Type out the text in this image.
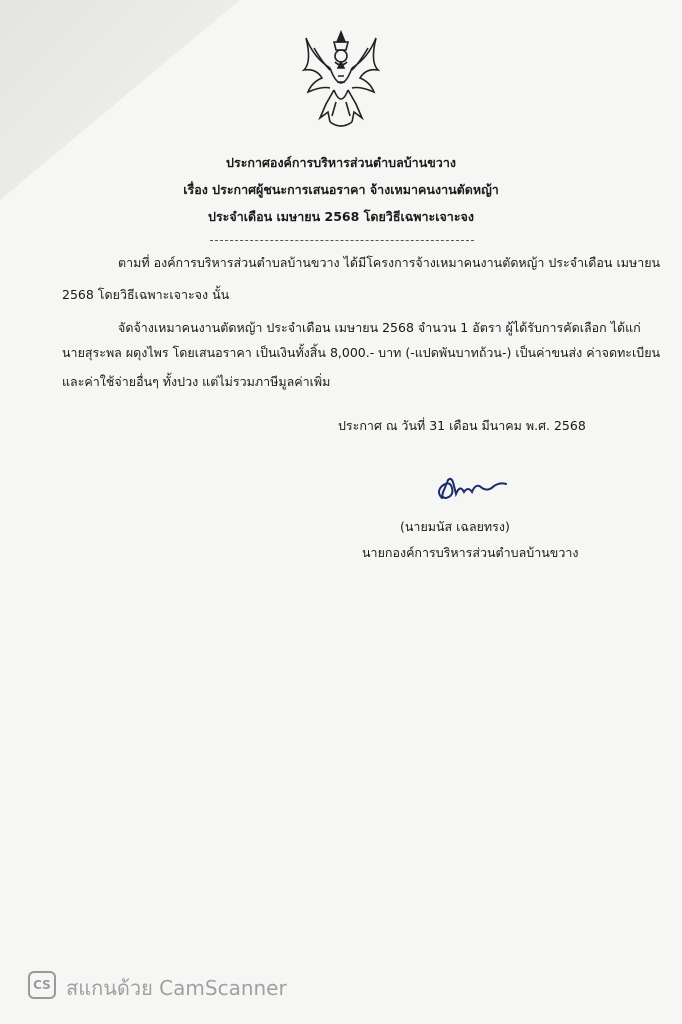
ประกาศองค์การบริหารส่วนตำบลบ้านขวาง
เรื่อง ประกาศผู้ชนะการเสนอราคา จ้างเหมาคนงานตัดหญ้า
ประจำเดือน เมษายน 2568 โดยวิธีเฉพาะเจาะจง
ตามที่ องค์การบริหารส่วนตำบลบ้านขวาง ได้มีโครงการจ้างเหมาคนงานตัดหญ้า ประจำเดือน เมษายน
2568 โดยวิธีเฉพาะเจาะจง นั้น
จัดจ้างเหมาคนงานตัดหญ้า ประจำเดือน เมษายน 2568 จำนวน 1 อัตรา ผู้ได้รับการคัดเลือก ได้แก่
นายสุระพล ผดุงไพร โดยเสนอราคา เป็นเงินทั้งสิ้น 8,000.- บาท (-แปดพันบาทถ้วน-) เป็นค่าขนส่ง ค่าจดทะเบียน
และค่าใช้จ่ายอื่นๆ ทั้งปวง แต่ไม่รวมภาษีมูลค่าเพิ่ม
ประกาศ ณ วันที่ 31 เดือน มีนาคม พ.ศ. 2568
(นายมนัส เฉลยทรง)
นายกองค์การบริหารส่วนตำบลบ้านขวาง
CS สแกนด้วย CamScanner
